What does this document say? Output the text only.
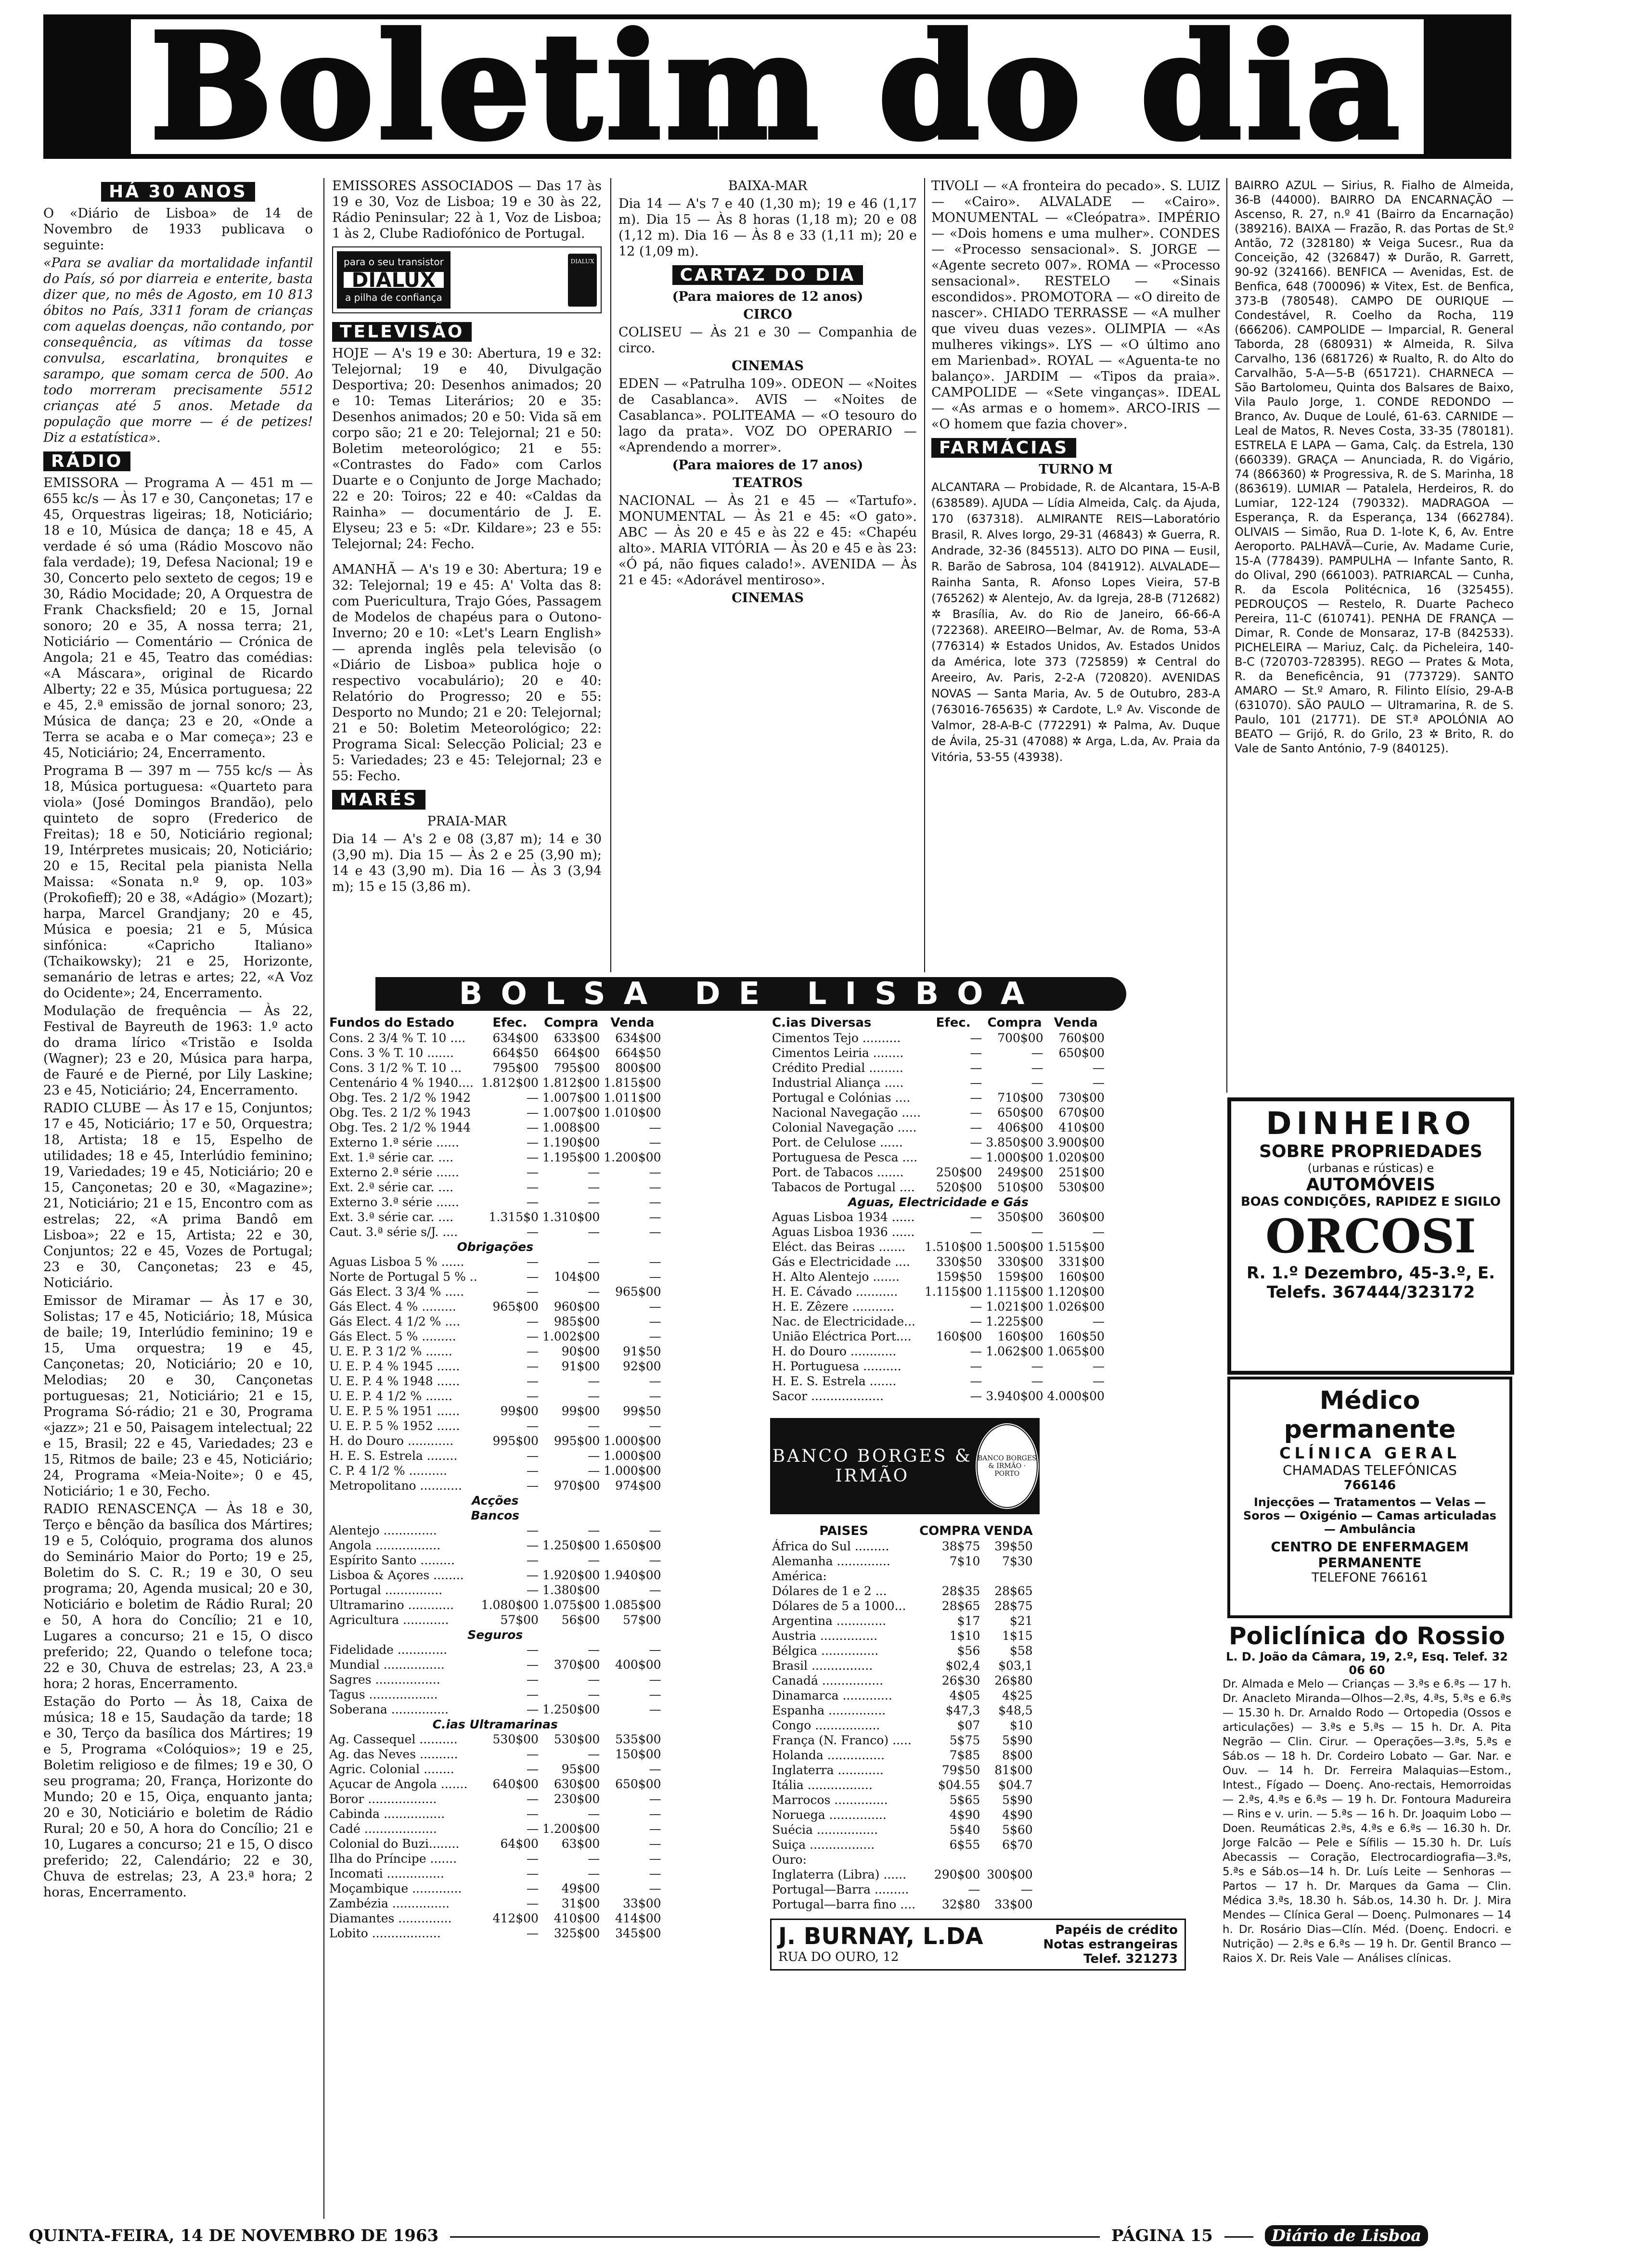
Boletim do dia
HÁ 30 ANOS

O «Diário de Lisboa» de 14 de Novembro de 1933 publicava o seguinte:

«Para se avaliar da mortalidade infantil do País, só por diarreia e enterite, basta dizer que, no mês de Agosto, em 10 813 óbitos no País, 3311 foram de crianças com aquelas doenças, não contando, por consequência, as vítimas da tosse convulsa, escarlatina, bronquites e sarampo, que somam cerca de 500. Ao todo morreram precisamente 5512 crianças até 5 anos. Metade da população que morre — é de petizes! Diz a estatística».

RÁDIO

EMISSORA — Programa A — 451 m — 655 kc/s — Às 17 e 30, Cançonetas; 17 e 45, Orquestras ligeiras; 18, Noticiário; 18 e 10, Música de dança; 18 e 45, A verdade é só uma (Rádio Moscovo não fala verdade); 19, Defesa Nacional; 19 e 30, Concerto pelo sexteto de cegos; 19 e 30, Rádio Mocidade; 20, A Orquestra de Frank Chacksfield; 20 e 15, Jornal sonoro; 20 e 35, A nossa terra; 21, Noticiário — Comentário — Crónica de Angola; 21 e 45, Teatro das comédias: «A Máscara», original de Ricardo Alberty; 22 e 35, Música portuguesa; 22 e 45, 2.ª emissão de jornal sonoro; 23, Música de dança; 23 e 20, «Onde a Terra se acaba e o Mar começa»; 23 e 45, Noticiário; 24, Encerramento.

Programa B — 397 m — 755 kc/s — Às 18, Música portuguesa: «Quarteto para viola» (José Domingos Brandão), pelo quinteto de sopro (Frederico de Freitas); 18 e 50, Noticiário regional; 19, Intérpretes musicais; 20, Noticiário; 20 e 15, Recital pela pianista Nella Maissa: «Sonata n.º 9, op. 103» (Prokofieff); 20 e 38, «Adágio» (Mozart); harpa, Marcel Grandjany; 20 e 45, Música e poesia; 21 e 5, Música sinfónica: «Capricho Italiano» (Tchaikowsky); 21 e 25, Horizonte, semanário de letras e artes; 22, «A Voz do Ocidente»; 24, Encerramento.

Modulação de frequência — Às 22, Festival de Bayreuth de 1963: 1.º acto do drama lírico «Tristão e Isolda (Wagner); 23 e 20, Música para harpa, de Fauré e de Pierné, por Lily Laskine; 23 e 45, Noticiário; 24, Encerramento.

RADIO CLUBE — Às 17 e 15, Conjuntos; 17 e 45, Noticiário; 17 e 50, Orquestra; 18, Artista; 18 e 15, Espelho de utilidades; 18 e 45, Interlúdio feminino; 19, Variedades; 19 e 45, Noticiário; 20 e 15, Cançonetas; 20 e 30, «Magazine»; 21, Noticiário; 21 e 15, Encontro com as estrelas; 22, «A prima Bandô em Lisboa»; 22 e 15, Artista; 22 e 30, Conjuntos; 22 e 45, Vozes de Portugal; 23 e 30, Cançonetas; 23 e 45, Noticiário.

Emissor de Miramar — Às 17 e 30, Solistas; 17 e 45, Noticiário; 18, Música de baile; 19, Interlúdio feminino; 19 e 15, Uma orquestra; 19 e 45, Cançonetas; 20, Noticiário; 20 e 10, Melodias; 20 e 30, Cançonetas portuguesas; 21, Noticiário; 21 e 15, Programa Só-rádio; 21 e 30, Programa «jazz»; 21 e 50, Paisagem intelectual; 22 e 15, Brasil; 22 e 45, Variedades; 23 e 15, Ritmos de baile; 23 e 45, Noticiário; 24, Programa «Meia-Noite»; 0 e 45, Noticiário; 1 e 30, Fecho.

RADIO RENASCENÇA — Às 18 e 30, Terço e bênção da basílica dos Mártires; 19 e 5, Colóquio, programa dos alunos do Seminário Maior do Porto; 19 e 25, Boletim do S. C. R.; 19 e 30, O seu programa; 20, Agenda musical; 20 e 30, Noticiário e boletim de Rádio Rural; 20 e 50, A hora do Concílio; 21 e 10, Lugares a concurso; 21 e 15, O disco preferido; 22, Quando o telefone toca; 22 e 30, Chuva de estrelas; 23, A 23.ª hora; 2 horas, Encerramento.

Estação do Porto — Às 18, Caixa de música; 18 e 15, Saudação da tarde; 18 e 30, Terço da basílica dos Mártires; 19 e 5, Programa «Colóquios»; 19 e 25, Boletim religioso e de filmes; 19 e 30, O seu programa; 20, França, Horizonte do Mundo; 20 e 15, Oiça, enquanto janta; 20 e 30, Noticiário e boletim de Rádio Rural; 20 e 50, A hora do Concílio; 21 e 10, Lugares a concurso; 21 e 15, O disco preferido; 22, Calendário; 22 e 30, Chuva de estrelas; 23, A 23.ª hora; 2 horas, Encerramento.

EMISSORES ASSOCIADOS — Das 17 às 19 e 30, Voz de Lisboa; 19 e 30 às 22, Rádio Peninsular; 22 à 1, Voz de Lisboa; 1 às 2, Clube Radiofónico de Portugal.

para o seu transistor
DIALUX
a pilha de confiança
DIALUX
TELEVISÃO

HOJE — A's 19 e 30: Abertura, 19 e 32: Telejornal; 19 e 40, Divulgação Desportiva; 20: Desenhos animados; 20 e 10: Temas Literários; 20 e 35: Desenhos animados; 20 e 50: Vida sã em corpo são; 21 e 20: Telejornal; 21 e 50: Boletim meteorológico; 21 e 55: «Contrastes do Fado» com Carlos Duarte e o Conjunto de Jorge Machado; 22 e 20: Toiros; 22 e 40: «Caldas da Rainha» — documentário de J. E. Elyseu; 23 e 5: «Dr. Kildare»; 23 e 55: Telejornal; 24: Fecho.

AMANHÃ — A's 19 e 30: Abertura; 19 e 32: Telejornal; 19 e 45: A' Volta das 8: com Puericultura, Trajo Góes, Passagem de Modelos de chapéus para o Outono-Inverno; 20 e 10: «Let's Learn English» — aprenda inglês pela televisão (o «Diário de Lisboa» publica hoje o respectivo vocabulário); 20 e 40: Relatório do Progresso; 20 e 55: Desporto no Mundo; 21 e 20: Telejornal; 21 e 50: Boletim Meteorológico; 22: Programa Sical: Selecção Policial; 23 e 5: Variedades; 23 e 45: Telejornal; 23 e 55: Fecho.

MARÉS

PRAIA-MAR

Dia 14 — A's 2 e 08 (3,87 m); 14 e 30 (3,90 m). Dia 15 — Às 2 e 25 (3,90 m); 14 e 43 (3,90 m). Dia 16 — Às 3 (3,94 m); 15 e 15 (3,86 m).

BAIXA-MAR

Dia 14 — A's 7 e 40 (1,30 m); 19 e 46 (1,17 m). Dia 15 — Às 8 horas (1,18 m); 20 e 08 (1,12 m). Dia 16 — Às 8 e 33 (1,11 m); 20 e 12 (1,09 m).

CARTAZ DO DIA

(Para maiores de 12 anos)

CIRCO

COLISEU — Às 21 e 30 — Companhia de circo.

CINEMAS

EDEN — «Patrulha 109». ODEON — «Noites de Casablanca». AVIS — «Noites de Casablanca». POLITEAMA — «O tesouro do lago da prata». VOZ DO OPERARIO — «Aprendendo a morrer».

(Para maiores de 17 anos)

TEATROS

NACIONAL — Às 21 e 45 — «Tartufo». MONUMENTAL — Às 21 e 45: «O gato». ABC — Às 20 e 45 e às 22 e 45: «Chapéu alto». MARIA VITÓRIA — Às 20 e 45 e às 23: «Ó pá, não fiques calado!». AVENIDA — Às 21 e 45: «Adorável mentiroso».

CINEMAS

TIVOLI — «A fronteira do pecado». S. LUIZ — «Cairo». ALVALADE — «Cairo». MONUMENTAL — «Cleópatra». IMPÉRIO — «Dois homens e uma mulher». CONDES — «Processo sensacional». S. JORGE — «Agente secreto 007». ROMA — «Processo sensacional». RESTELO — «Sinais escondidos». PROMOTORA — «O direito de nascer». CHIADO TERRASSE — «A mulher que viveu duas vezes». OLIMPIA — «As mulheres vikings». LYS — «O último ano em Marienbad». ROYAL — «Aguenta-te no balanço». JARDIM — «Tipos da praia». CAMPOLIDE — «Sete vinganças». IDEAL — «As armas e o homem». ARCO-IRIS — «O homem que fazia chover».

FARMÁCIAS

TURNO M

ALCANTARA — Probidade, R. de Alcantara, 15-A-B (638589). AJUDA — Lídia Almeida, Calç. da Ajuda, 170 (637318). ALMIRANTE REIS—Laboratório Brasil, R. Alves Iorgo, 29-31 (46843) ✲ Guerra, R. Andrade, 32-36 (845513). ALTO DO PINA — Eusil, R. Barão de Sabrosa, 104 (841912). ALVALADE—Rainha Santa, R. Afonso Lopes Vieira, 57-B (765262) ✲ Alentejo, Av. da Igreja, 28-B (712682) ✲ Brasília, Av. do Rio de Janeiro, 66-66-A (722368). AREEIRO—Belmar, Av. de Roma, 53-A (776314) ✲ Estados Unidos, Av. Estados Unidos da América, lote 373 (725859) ✲ Central do Areeiro, Av. Paris, 2-2-A (720820). AVENIDAS NOVAS — Santa Maria, Av. 5 de Outubro, 283-A (763016-765635) ✲ Cardote, L.º Av. Visconde de Valmor, 28-A-B-C (772291) ✲ Palma, Av. Duque de Ávila, 25-31 (47088) ✲ Arga, L.da, Av. Praia da Vitória, 53-55 (43938).

BAIRRO AZUL — Sirius, R. Fialho de Almeida, 36-B (44000). BAIRRO DA ENCARNAÇÃO — Ascenso, R. 27, n.º 41 (Bairro da Encarnação) (389216). BAIXA — Frazão, R. das Portas de St.º Antão, 72 (328180) ✲ Veiga Sucesr., Rua da Conceição, 42 (326847) ✲ Durão, R. Garrett, 90-92 (324166). BENFICA — Avenidas, Est. de Benfica, 648 (700096) ✲ Vitex, Est. de Benfica, 373-B (780548). CAMPO DE OURIQUE — Condestável, R. Coelho da Rocha, 119 (666206). CAMPOLIDE — Imparcial, R. General Taborda, 28 (680931) ✲ Almeida, R. Silva Carvalho, 136 (681726) ✲ Rualto, R. do Alto do Carvalhão, 5-A—5-B (651721). CHARNECA — São Bartolomeu, Quinta dos Balsares de Baixo, Vila Paulo Jorge, 1. CONDE REDONDO — Branco, Av. Duque de Loulé, 61-63. CARNIDE — Leal de Matos, R. Neves Costa, 33-35 (780181). ESTRELA E LAPA — Gama, Calç. da Estrela, 130 (660339). GRAÇA — Anunciada, R. do Vigário, 74 (866360) ✲ Progressiva, R. de S. Marinha, 18 (863619). LUMIAR — Patalela, Herdeiros, R. do Lumiar, 122-124 (790332). MADRAGOA — Esperança, R. da Esperança, 134 (662784). OLIVAIS — Simão, Rua D. 1-lote K, 6, Av. Entre Aeroporto. PALHAVÃ—Curie, Av. Madame Curie, 15-A (778439). PAMPULHA — Infante Santo, R. do Olival, 290 (661003). PATRIARCAL — Cunha, R. da Escola Politécnica, 16 (325455). PEDROUÇOS — Restelo, R. Duarte Pacheco Pereira, 11-C (610741). PENHA DE FRANÇA — Dimar, R. Conde de Monsaraz, 17-B (842533). PICHELEIRA — Mariuz, Calç. da Picheleira, 140-B-C (720703-728395). REGO — Prates & Mota, R. da Beneficência, 91 (773729). SANTO AMARO — St.º Amaro, R. Filinto Elísio, 29-A-B (631070). SÃO PAULO — Ultramarina, R. de S. Paulo, 101 (21771). DE ST.ª APOLÓNIA AO BEATO — Grijó, R. do Grilo, 23 ✲ Brito, R. do Vale de Santo António, 7-9 (840125).

BOLSA DE LISBOA
Fundos do Estado	Efec.	Compra	Venda
Cons. 2 3/4 % T. 10 ....	634$00	633$00	634$00
Cons. 3 % T. 10 .......	664$50	664$00	664$50
Cons. 3 1/2 % T. 10 ...	795$00	795$00	800$00
Centenário 4 % 1940....	1.812$00	1.812$00	1.815$00
Obg. Tes. 2 1/2 % 1942	—	1.007$00	1.011$00
Obg. Tes. 2 1/2 % 1943	—	1.007$00	1.010$00
Obg. Tes. 2 1/2 % 1944	—	1.008$00	—
Externo 1.ª série ......	—	1.190$00	—
Ext. 1.ª série car. ....	—	1.195$00	1.200$00
Externo 2.ª série ......	—	—	—
Ext. 2.ª série car. ....	—	—	—
Externo 3.ª série ......	—	—	—
Ext. 3.ª série car. ....	1.315$0	1.310$00	—
Caut. 3.ª série s/J. ....	—	—	—
Obrigações			
Aguas Lisboa 5 % ......	—	—	—
Norte de Portugal 5 % ..	—	104$00	—
Gás Elect. 3 3/4 % .....	—	—	965$00
Gás Elect. 4 % .........	965$00	960$00	—
Gás Elect. 4 1/2 % ....	—	985$00	—
Gás Elect. 5 % .........	—	1.002$00	—
U. E. P. 3 1/2 % .......	—	90$00	91$50
U. E. P. 4 % 1945 ......	—	91$00	92$00
U. E. P. 4 % 1948 ......	—	—	—
U. E. P. 4 1/2 % .......	—	—	—
U. E. P. 5 % 1951 ......	99$00	99$00	99$50
U. E. P. 5 % 1952 ......	—	—	—
H. do Douro ............	995$00	995$00	1.000$00
H. E. S. Estrela ........	—	—	1.000$00
C. P. 4 1/2 % ..........	—	—	1.000$00
Metropolitano ...........	—	970$00	974$00
Acções			
Bancos			
Alentejo ..............	—	—	—
Angola .................	—	1.250$00	1.650$00
Espírito Santo .........	—	—	—
Lisboa & Açores ........	—	1.920$00	1.940$00
Portugal ...............	—	1.380$00	—
Ultramarino ............	1.080$00	1.075$00	1.085$00
Agricultura ............	57$00	56$00	57$00
Seguros			
Fidelidade .............	—	—	—
Mundial ................	—	370$00	400$00
Sagres .................	—	—	—
Tagus ..................	—	—	—
Soberana ...............	—	1.250$00	—
C.ias Ultramarinas			
Ag. Cassequel ..........	530$00	530$00	535$00
Ag. das Neves ..........	—	—	150$00
Agric. Colonial ........	—	95$00	—
Açucar de Angola .......	640$00	630$00	650$00
Boror ..................	—	230$00	—
Cabinda ................	—	—	—
Cadé ...................	—	1.200$00	—
Colonial do Buzi........	64$00	63$00	—
Ilha do Príncipe .......	—	—	—
Incomati ...............	—	—	—
Moçambique .............	—	49$00	—
Zambézia ...............	—	31$00	33$00
Diamantes ..............	412$00	410$00	414$00
Lobito ..................	—	325$00	345$00
C.ias Diversas	Efec.	Compra	Venda
Cimentos Tejo ..........	—	700$00	760$00
Cimentos Leiria ........	—	—	650$00
Crédito Predial .........	—	—	—
Industrial Aliança .....	—	—	—
Portugal e Colónias ....	—	710$00	730$00
Nacional Navegação .....	—	650$00	670$00
Colonial Navegação .....	—	406$00	410$00
Port. de Celulose ......	—	3.850$00	3.900$00
Portuguesa de Pesca ....	—	1.000$00	1.020$00
Port. de Tabacos .......	250$00	249$00	251$00
Tabacos de Portugal ....	520$00	510$00	530$00
Aguas, Electricidade e Gás			
Aguas Lisboa 1934 ......	—	350$00	360$00
Aguas Lisboa 1936 ......	—	—	—
Eléct. das Beiras .......	1.510$00	1.500$00	1.515$00
Gás e Electricidade ....	330$50	330$00	331$00
H. Alto Alentejo .......	159$50	159$00	160$00
H. E. Cávado ...........	1.115$00	1.115$00	1.120$00
H. E. Zêzere ...........	—	1.021$00	1.026$00
Nac. de Electricidade...	—	1.225$00	—
União Eléctrica Port....	160$00	160$00	160$50
H. do Douro ............	—	1.062$00	1.065$00
H. Portuguesa ..........	—	—	—
H. E. S. Estrela .......	—	—	—
Sacor ...................	—	3.940$00	4.000$00
BANCO BORGES & IRMÃO
BANCO BORGES & IRMÃO · PORTO
PAISES	COMPRA	VENDA
África do Sul .........	38$75	39$50
Alemanha ..............	7$10	7$30
América:		
Dólares de 1 e 2 ...	28$35	28$65
Dólares de 5 a 1000...	28$65	28$75
Argentina .............	$17	$21
Austria ...............	1$10	1$15
Bélgica ...............	$56	$58
Brasil ................	$02,4	$03,1
Canadá ................	26$30	26$80
Dinamarca .............	4$05	4$25
Espanha ...............	$47,3	$48,5
Congo .................	$07	$10
França (N. Franco) .....	5$75	5$90
Holanda ...............	7$85	8$00
Inglaterra ............	79$50	81$00
Itália .................	$04.55	$04.7
Marrocos ..............	5$65	5$90
Noruega ...............	4$90	4$90
Suécia ................	5$40	5$60
Suiça .................	6$55	6$70
Ouro:		
Inglaterra (Libra) ......	290$00	300$00
Portugal—Barra .........	—	—
Portugal—barra fino ....	32$80	33$00
J. BURNAY, L.DA
RUA DO OURO, 12
Papéis de crédito
Notas estrangeiras
Telef. 321273
DINHEIRO
SOBRE PROPRIEDADES
(urbanas e rústicas) e
AUTOMÓVEIS
BOAS CONDIÇÕES, RAPIDEZ E SIGILO
ORCOSI
R. 1.º Dezembro, 45-3.º, E.
Telefs. 367444/323172
Médico permanente
CLÍNICA GERAL
CHAMADAS TELEFÓNICAS
766146
Injecções — Tratamentos — Velas — Soros — Oxigénio — Camas articuladas — Ambulância
CENTRO DE ENFERMAGEM PERMANENTE
TELEFONE 766161
Policlínica do Rossio
L. D. João da Câmara, 19, 2.º, Esq. Telef. 32 06 60
Dr. Almada e Melo — Crianças — 3.ªs e 6.ªs — 17 h. Dr. Anacleto Miranda—Olhos—2.ªs, 4.ªs, 5.ªs e 6.ªs — 15.30 h. Dr. Arnaldo Rodo — Ortopedia (Ossos e articulações) — 3.ªs e 5.ªs — 15 h. Dr. A. Pita Negrão — Clin. Cirur. — Operações—3.ªs, 5.ªs e Sáb.os — 18 h. Dr. Cordeiro Lobato — Gar. Nar. e Ouv. — 14 h. Dr. Ferreira Malaquias—Estom., Intest., Fígado — Doenç. Ano-rectais, Hemorroidas — 2.ªs, 4.ªs e 6.ªs — 19 h. Dr. Fontoura Madureira — Rins e v. urin. — 5.ªs — 16 h. Dr. Joaquim Lobo — Doen. Reumáticas 2.ªs, 4.ªs e 6.ªs — 16.30 h. Dr. Jorge Falcão — Pele e Sífilis — 15.30 h. Dr. Luís Abecassis — Coração, Electrocardiografia—3.ªs, 5.ªs e Sáb.os—14 h. Dr. Luís Leite — Senhoras — Partos — 17 h. Dr. Marques da Gama — Clin. Médica 3.ªs, 18.30 h. Sáb.os, 14.30 h. Dr. J. Mira Mendes — Clínica Geral — Doenç. Pulmonares — 14 h. Dr. Rosário Dias—Clín. Méd. (Doenç. Endocri. e Nutrição) — 2.ªs e 6.ªs — 19 h. Dr. Gentil Branco — Raios X. Dr. Reis Vale — Análises clínicas.
QUINTA-FEIRA, 14 DE NOVEMBRO DE 1963	PÁGINA 15	Diário de Lisboa
